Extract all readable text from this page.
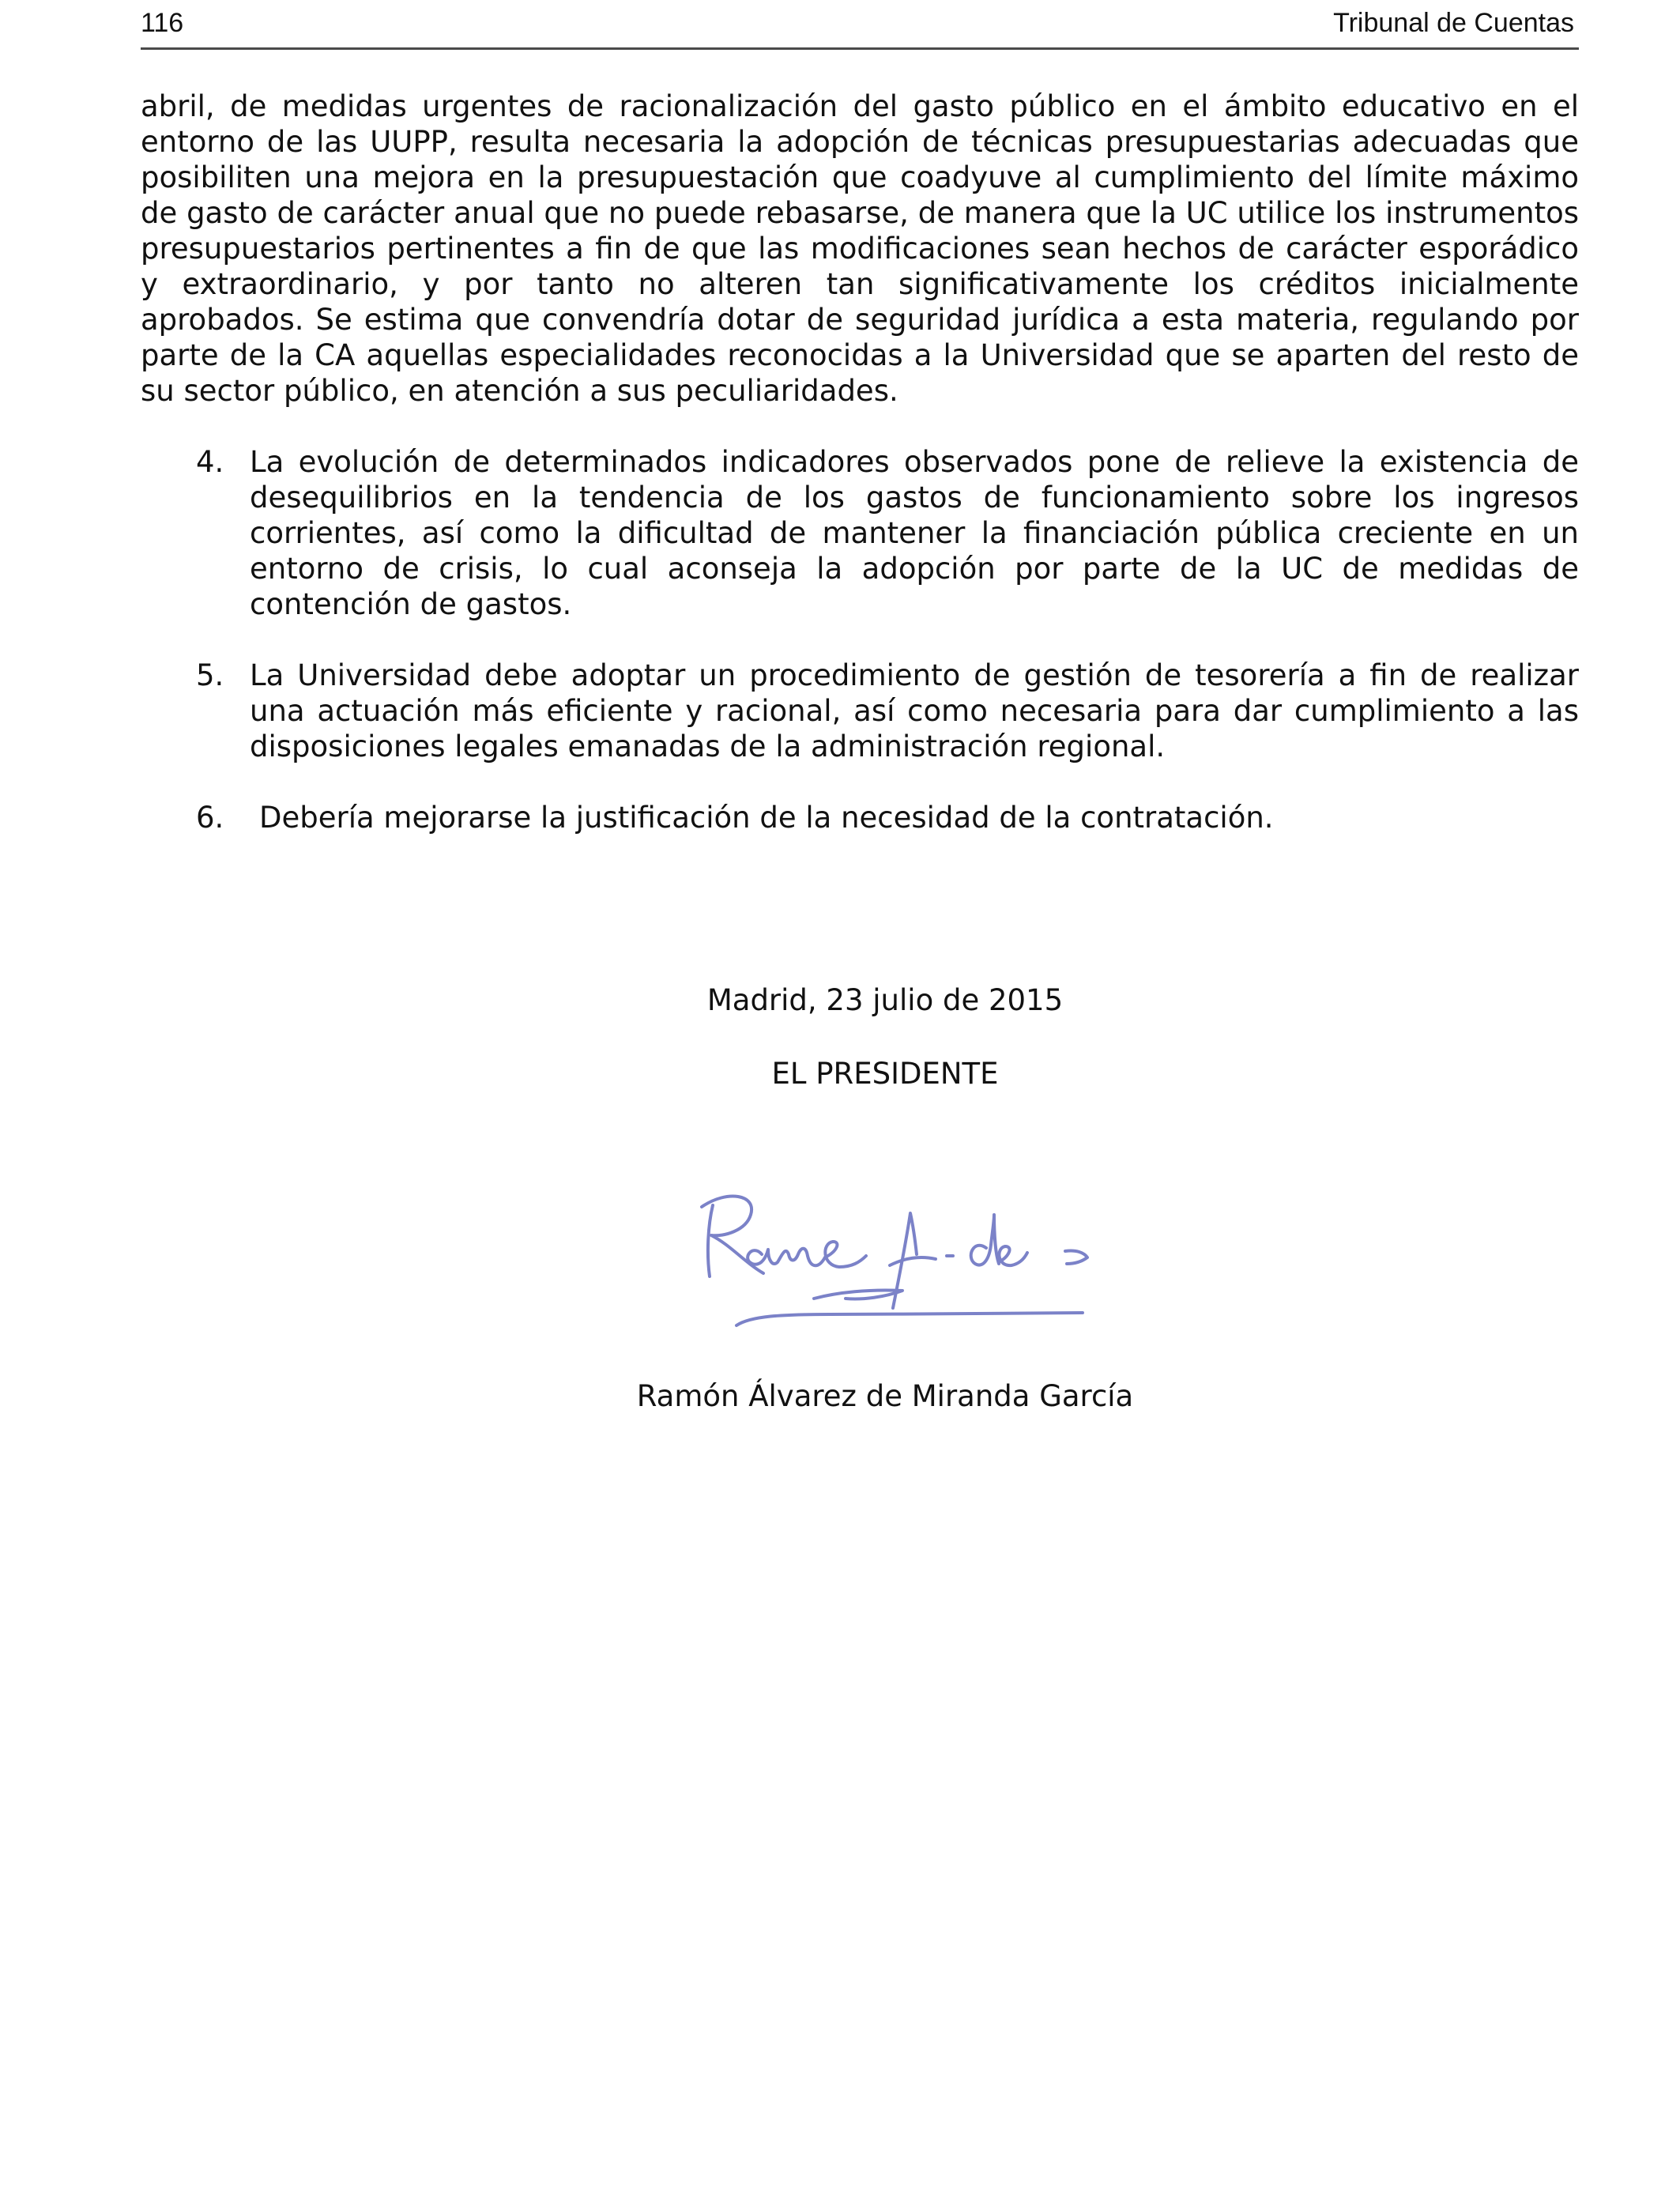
116	Tribunal de Cuentas

abril, de medidas urgentes de racionalización del gasto público en el ámbito educativo en el entorno de las UUPP, resulta necesaria la adopción de técnicas presupuestarias adecuadas que posibiliten una mejora en la presupuestación que coadyuve al cumplimiento del límite máximo de gasto de carácter anual que no puede rebasarse, de manera que la UC utilice los instrumentos presupuestarios pertinentes a fin de que las modificaciones sean hechos de carácter esporádico y extraordinario, y por tanto no alteren tan significativamente los créditos inicialmente aprobados. Se estima que convendría dotar de seguridad jurídica a esta materia, regulando por parte de la CA aquellas especialidades reconocidas a la Universidad que se aparten del resto de su sector público, en atención a sus peculiaridades.

4. La evolución de determinados indicadores observados pone de relieve la existencia de desequilibrios en la tendencia de los gastos de funcionamiento sobre los ingresos corrientes, así como la dificultad de mantener la financiación pública creciente en un entorno de crisis, lo cual aconseja la adopción por parte de la UC de medidas de contención de gastos.
5. La Universidad debe adoptar un procedimiento de gestión de tesorería a fin de realizar una actuación más eficiente y racional, así como necesaria para dar cumplimiento a las disposiciones legales emanadas de la administración regional.
6.	Debería mejorarse la justificación de la necesidad de la contratación.
Madrid, 23 julio de 2015
EL PRESIDENTE
Ramón Álvarez de Miranda García
